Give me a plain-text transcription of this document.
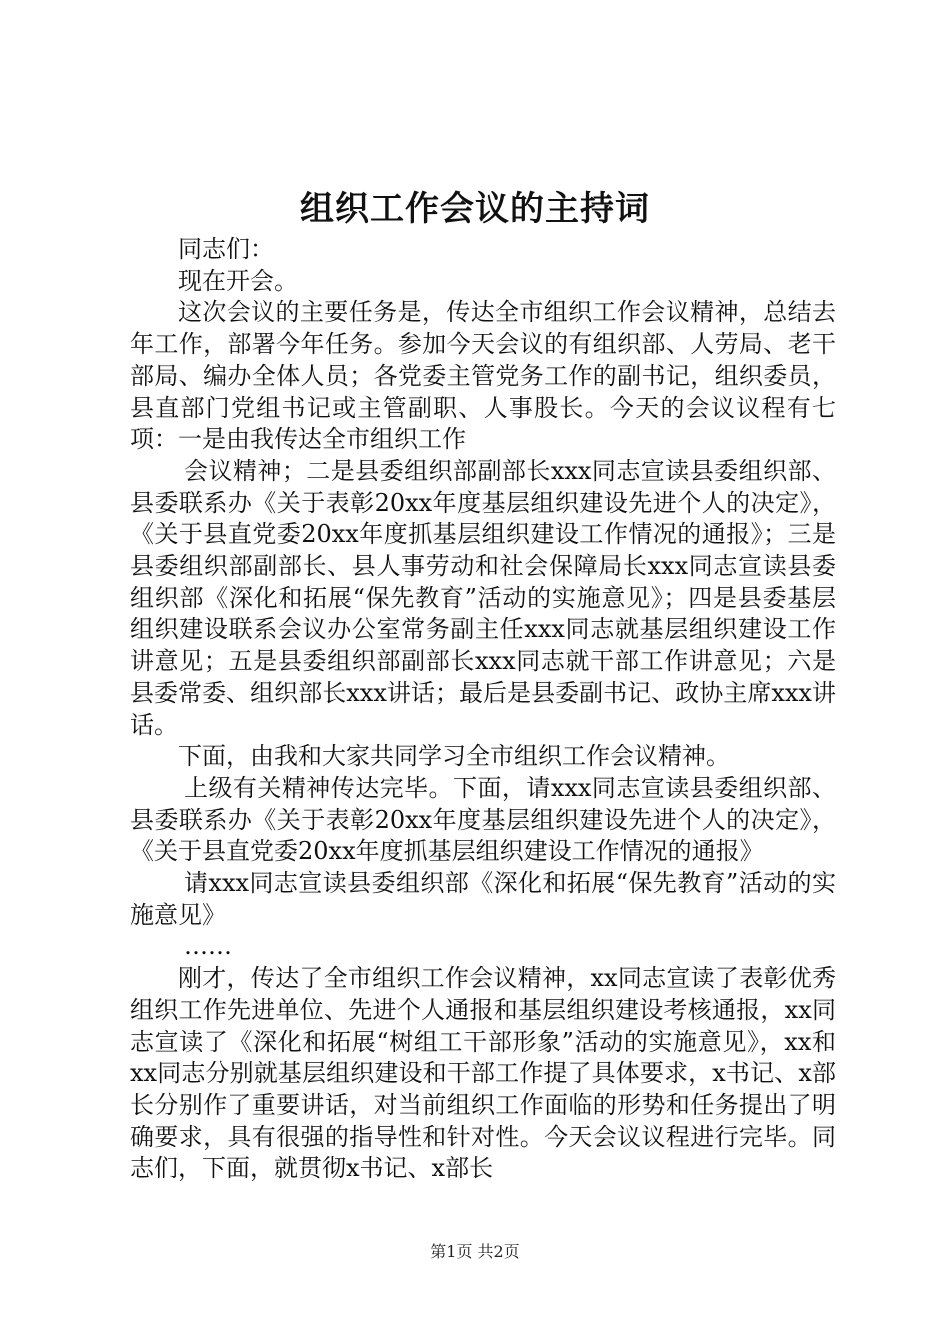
组织工作会议的主持词

同志们：

现在开会。

这次会议的主要任务是，传达全市组织工作会议精神，总结去年工作，部署今年任务。参加今天会议的有组织部、人劳局、老干部局、编办全体人员；各党委主管党务工作的副书记，组织委员，县直部门党组书记或主管副职、人事股长。今天的会议议程有七项：一是由我传达全市组织工作

会议精神；二是县委组织部副部长xxx同志宣读县委组织部、县委联系办《关于表彰20xx年度基层组织建设先进个人的决定》，《关于县直党委20xx年度抓基层组织建设工作情况的通报》；三是县委组织部副部长、县人事劳动和社会保障局长xxx同志宣读县委组织部《深化和拓展“保先教育”活动的实施意见》；四是县委基层组织建设联系会议办公室常务副主任xxx同志就基层组织建设工作讲意见；五是县委组织部副部长xxx同志就干部工作讲意见；六是县委常委、组织部长xxx讲话；最后是县委副书记、政协主席xxx讲话。

下面，由我和大家共同学习全市组织工作会议精神。

上级有关精神传达完毕。下面，请xxx同志宣读县委组织部、县委联系办《关于表彰20xx年度基层组织建设先进个人的决定》，《关于县直党委20xx年度抓基层组织建设工作情况的通报》

请xxx同志宣读县委组织部《深化和拓展“保先教育”活动的实施意见》

……

刚才，传达了全市组织工作会议精神，xx同志宣读了表彰优秀组织工作先进单位、先进个人通报和基层组织建设考核通报，xx同志宣读了《深化和拓展“树组工干部形象”活动的实施意见》，xx和xx同志分别就基层组织建设和干部工作提了具体要求，x书记、x部长分别作了重要讲话，对当前组织工作面临的形势和任务提出了明确要求，具有很强的指导性和针对性。今天会议议程进行完毕。同志们，下面，就贯彻x书记、x部长

第1页 共2页
